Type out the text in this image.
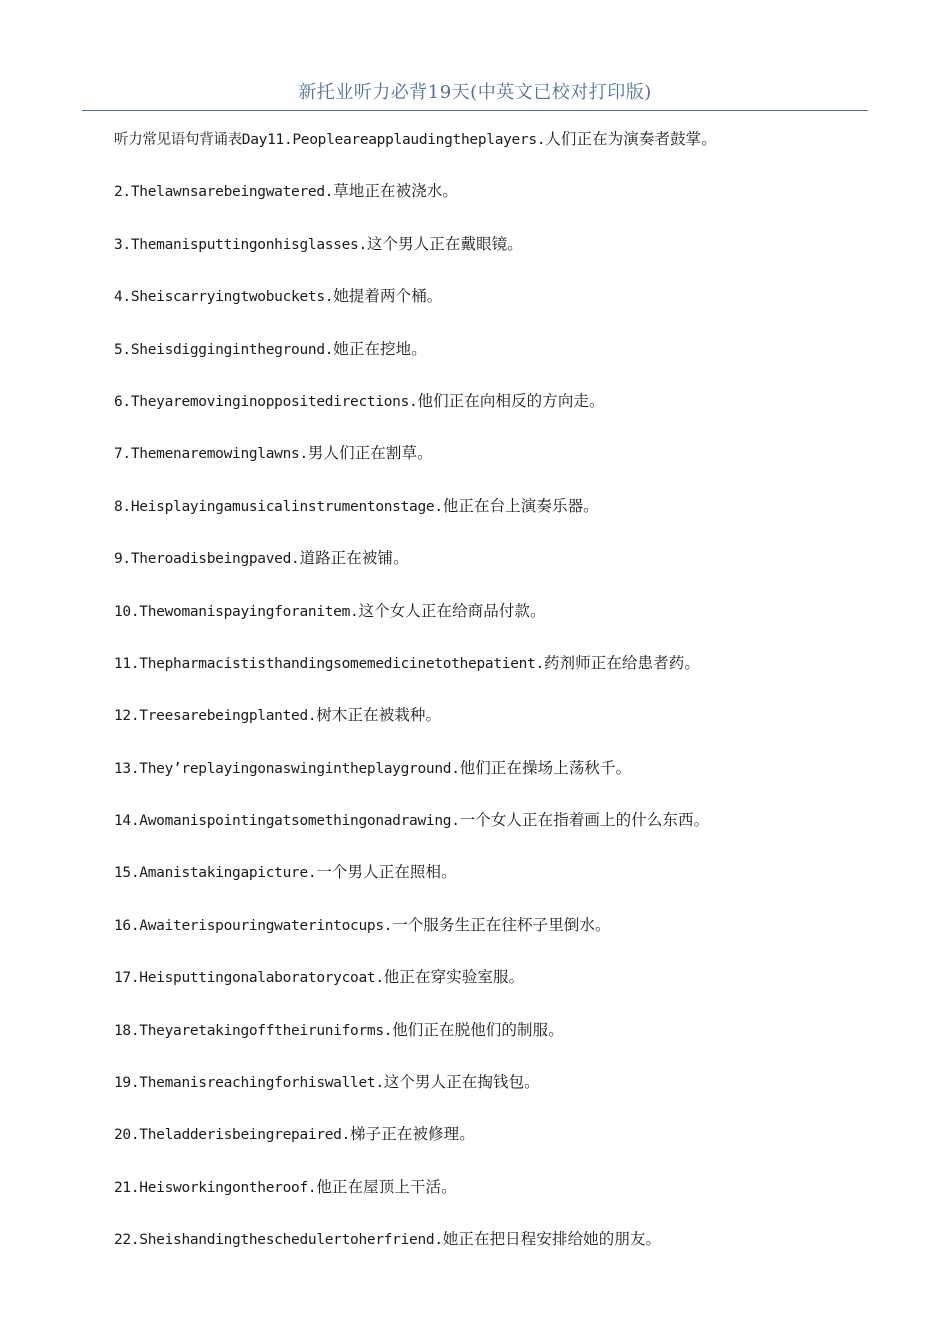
新托业听力必背19天(中英文已校对打印版)
听力常见语句背诵表Day11.Peopleareapplaudingtheplayers.人们正在为演奏者鼓掌。
2.Thelawnsarebeingwatered.草地正在被浇水。
3.Themanisputtingonhisglasses.这个男人正在戴眼镜。
4.Sheiscarryingtwobuckets.她提着两个桶。
5.Sheisdiggingintheground.她正在挖地。
6.Theyaremovinginoppositedirections.他们正在向相反的方向走。
7.Themenaremowinglawns.男人们正在割草。
8.Heisplayingamusicalinstrumentonstage.他正在台上演奏乐器。
9.Theroadisbeingpaved.道路正在被铺。
10.Thewomanispayingforanitem.这个女人正在给商品付款。
11.Thepharmacististhandingsomemedicinetothepatient.药剂师正在给患者药。
12.Treesarebeingplanted.树木正在被栽种。
13.They’replayingonaswingintheplayground.他们正在操场上荡秋千。
14.Awomanispointingatsomethingonadrawing.一个女人正在指着画上的什么东西。
15.Amanistakingapicture.一个男人正在照相。
16.Awaiterispouringwaterintocups.一个服务生正在往杯子里倒水。
17.Heisputtingonalaboratorycoat.他正在穿实验室服。
18.Theyaretakingofftheiruniforms.他们正在脱他们的制服。
19.Themanisreachingforhiswallet.这个男人正在掏钱包。
20.Theladderisbeingrepaired.梯子正在被修理。
21.Heisworkingontheroof.他正在屋顶上干活。
22.Sheishandingtheschedulertoherfriend.她正在把日程安排给她的朋友。
